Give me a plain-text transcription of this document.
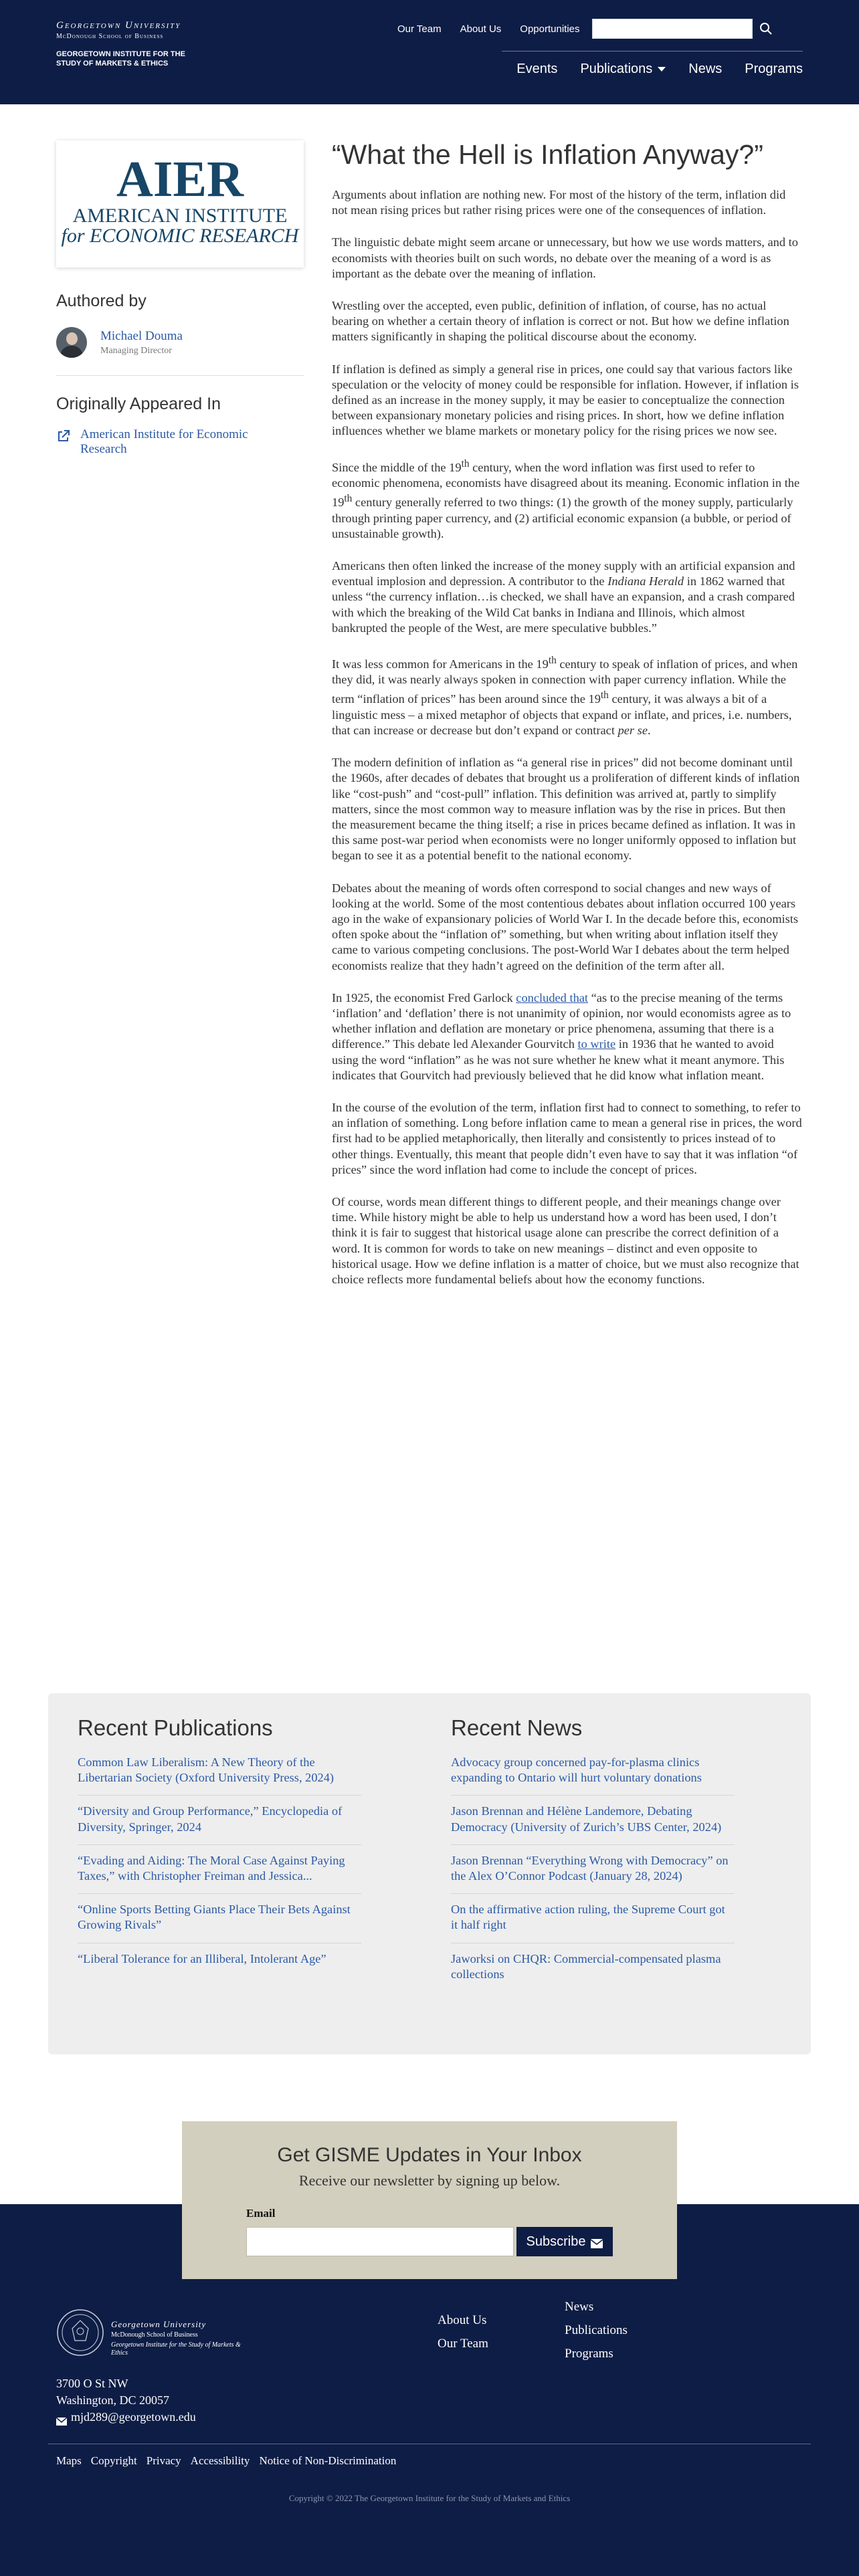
Georgetown University
McDonough School of Business
GEORGETOWN INSTITUTE FOR THE STUDY OF MARKETS & ETHICS
Our Team About Us Opportunities
Events Publications	News Programs
AIER
AMERICAN INSTITUTE
for ECONOMIC RESEARCH
Authored by
Michael Douma
Managing Director
Originally Appeared In
American Institute for Economic Research
“What the Hell is Inflation Anyway?”

Arguments about inflation are nothing new. For most of the history of the term, inflation did not mean rising prices but rather rising prices were one of the consequences of inflation.

The linguistic debate might seem arcane or unnecessary, but how we use words matters, and to economists with theories built on such words, no debate over the meaning of a word is as important as the debate over the meaning of inflation.

Wrestling over the accepted, even public, definition of inflation, of course, has no actual bearing on whether a certain theory of inflation is correct or not. But how we define inflation matters significantly in shaping the political discourse about the economy.

If inflation is defined as simply a general rise in prices, one could say that various factors like speculation or the velocity of money could be responsible for inflation. However, if inflation is defined as an increase in the money supply, it may be easier to conceptualize the connection between expansionary monetary policies and rising prices. In short, how we define inflation influences whether we blame markets or monetary policy for the rising prices we now see.

Since the middle of the 19th century, when the word inflation was first used to refer to economic phenomena, economists have disagreed about its meaning. Economic inflation in the 19th century generally referred to two things: (1) the growth of the money supply, particularly through printing paper currency, and (2) artificial economic expansion (a bubble, or period of unsustainable growth).

Americans then often linked the increase of the money supply with an artificial expansion and eventual implosion and depression. A contributor to the Indiana Herald in 1862 warned that unless “the currency inflation…is checked, we shall have an expansion, and a crash compared with which the breaking of the Wild Cat banks in Indiana and Illinois, which almost bankrupted the people of the West, are mere speculative bubbles.”

It was less common for Americans in the 19th century to speak of inflation of prices, and when they did, it was nearly always spoken in connection with paper currency inflation. While the term “inflation of prices” has been around since the 19th century, it was always a bit of a linguistic mess – a mixed metaphor of objects that expand or inflate, and prices, i.e. numbers, that can increase or decrease but don’t expand or contract per se.

The modern definition of inflation as “a general rise in prices” did not become dominant until the 1960s, after decades of debates that brought us a proliferation of different kinds of inflation like “cost-push” and “cost-pull” inflation. This definition was arrived at, partly to simplify matters, since the most common way to measure inflation was by the rise in prices. But then the measurement became the thing itself; a rise in prices became defined as inflation. It was in this same post-war period when economists were no longer uniformly opposed to inflation but began to see it as a potential benefit to the national economy.

Debates about the meaning of words often correspond to social changes and new ways of looking at the world. Some of the most contentious debates about inflation occurred 100 years ago in the wake of expansionary policies of World War I. In the decade before this, economists often spoke about the “inflation of” something, but when writing about inflation itself they came to various competing conclusions. The post-World War I debates about the term helped economists realize that they hadn’t agreed on the definition of the term after all.

In 1925, the economist Fred Garlock concluded that “as to the precise meaning of the terms ‘inflation’ and ‘deflation’ there is not unanimity of opinion, nor would economists agree as to whether inflation and deflation are monetary or price phenomena, assuming that there is a difference.” This debate led Alexander Gourvitch to write in 1936 that he wanted to avoid using the word “inflation” as he was not sure whether he knew what it meant anymore. This indicates that Gourvitch had previously believed that he did know what inflation meant.

In the course of the evolution of the term, inflation first had to connect to something, to refer to an inflation of something. Long before inflation came to mean a general rise in prices, the word first had to be applied metaphorically, then literally and consistently to prices instead of to other things. Eventually, this meant that people didn’t even have to say that it was inflation “of prices” since the word inflation had come to include the concept of prices.

Of course, words mean different things to different people, and their meanings change over time. While history might be able to help us understand how a word has been used, I don’t think it is fair to suggest that historical usage alone can prescribe the correct definition of a word. It is common for words to take on new meanings – distinct and even opposite to historical usage. How we define inflation is a matter of choice, but we must also recognize that choice reflects more fundamental beliefs about how the economy functions.

Recent Publications
Common Law Liberalism: A New Theory of the Libertarian Society (Oxford University Press, 2024)
“Diversity and Group Performance,” Encyclopedia of Diversity, Springer, 2024
“Evading and Aiding: The Moral Case Against Paying Taxes,” with Christopher Freiman and Jessica...
“Online Sports Betting Giants Place Their Bets Against Growing Rivals”
“Liberal Tolerance for an Illiberal, Intolerant Age”
Recent News
Advocacy group concerned pay-for-plasma clinics expanding to Ontario will hurt voluntary donations
Jason Brennan and Hélène Landemore, Debating Democracy (University of Zurich’s UBS Center, 2024)
Jason Brennan “Everything Wrong with Democracy” on the Alex O’Connor Podcast (January 28, 2024)
On the affirmative action ruling, the Supreme Court got it half right
Jaworksi on CHQR: Commercial-compensated plasma collections
Georgetown University
McDonough School of Business
Georgetown Institute for the Study of Markets & Ethics
About Us
Our Team
News
Publications
Programs
3700 O St NW
Washington, DC 20057
mjd289@georgetown.edu
Maps Copyright Privacy Accessibility Notice of Non-Discrimination
Copyright © 2022 The Georgetown Institute for the Study of Markets and Ethics
Get GISME Updates in Your Inbox
Receive our newsletter by signing up below.
Email
Subscribe
